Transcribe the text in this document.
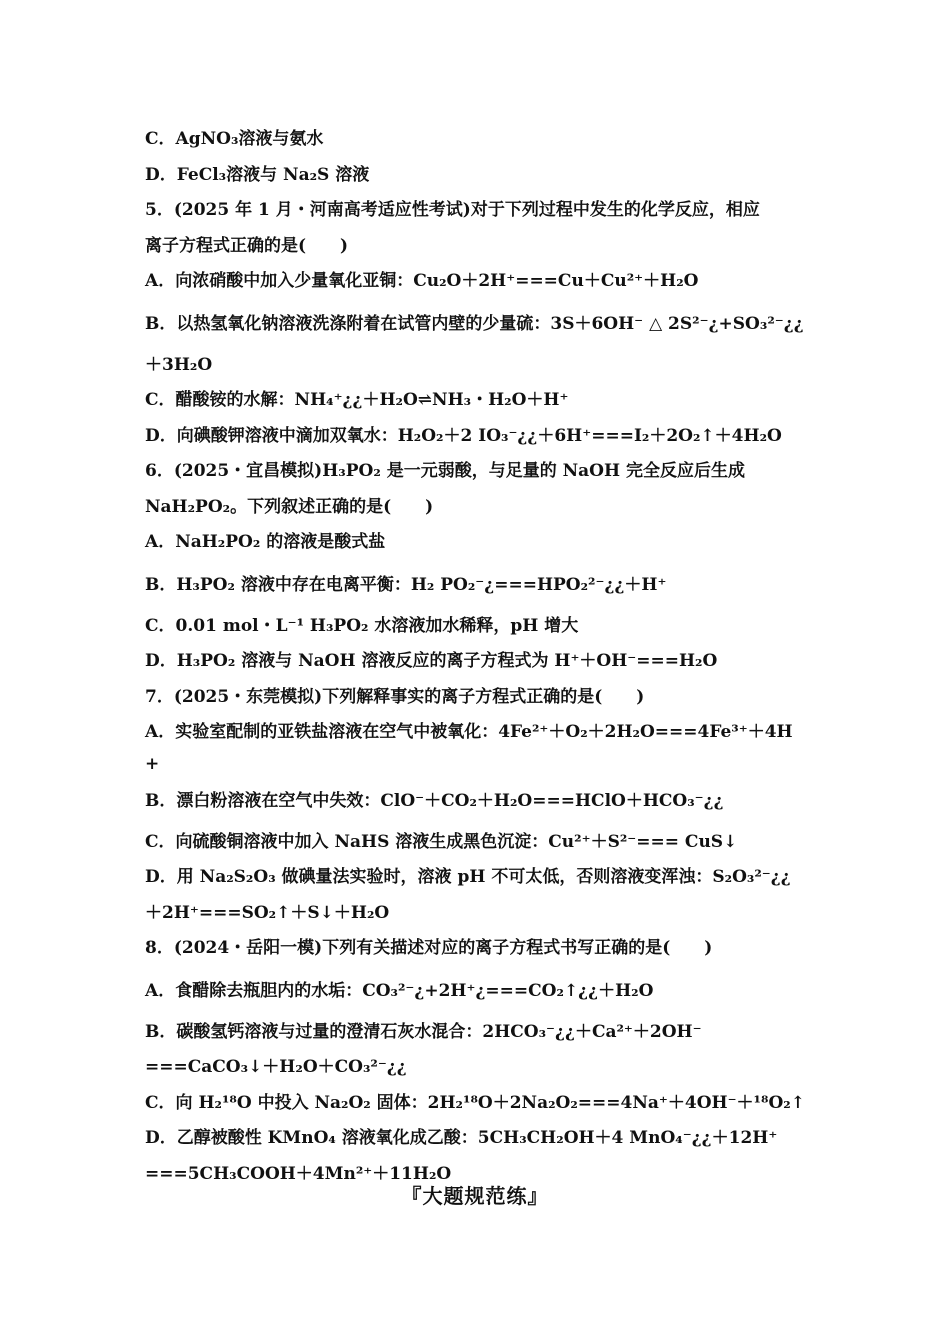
C．AgNO₃溶液与氨水
D．FeCl₃溶液与 Na₂S 溶液
5．(2025 年 1 月・河南高考适应性考试)对于下列过程中发生的化学反应，相应
离子方程式正确的是(　　)
A．向浓硝酸中加入少量氧化亚铜：Cu₂O＋2H⁺===Cu＋Cu²⁺＋H₂O
B．以热氢氧化钠溶液洗涤附着在试管内壁的少量硫：3S＋6OH⁻ △ 2S²⁻¿+SO₃²⁻¿¿
＋3H₂O
C．醋酸铵的水解：NH₄⁺¿¿＋H₂O⇌NH₃・H₂O＋H⁺
D．向碘酸钾溶液中滴加双氧水：H₂O₂＋2 IO₃⁻¿¿＋6H⁺===I₂＋2O₂↑＋4H₂O
6．(2025・宜昌模拟)H₃PO₂ 是一元弱酸，与足量的 NaOH 完全反应后生成
NaH₂PO₂。下列叙述正确的是(　　)
A．NaH₂PO₂ 的溶液是酸式盐
B．H₃PO₂ 溶液中存在电离平衡：H₂ PO₂⁻¿===HPO₂²⁻¿¿＋H⁺
C．0.01 mol・L⁻¹ H₃PO₂ 水溶液加水稀释，pH 增大
D．H₃PO₂ 溶液与 NaOH 溶液反应的离子方程式为 H⁺＋OH⁻===H₂O
7．(2025・东莞模拟)下列解释事实的离子方程式正确的是(　　)
A．实验室配制的亚铁盐溶液在空气中被氧化：4Fe²⁺＋O₂＋2H₂O===4Fe³⁺＋4H
+
B．漂白粉溶液在空气中失效：ClO⁻＋CO₂＋H₂O===HClO＋HCO₃⁻¿¿
C．向硫酸铜溶液中加入 NaHS 溶液生成黑色沉淀：Cu²⁺＋S²⁻=== CuS↓
D．用 Na₂S₂O₃ 做碘量法实验时，溶液 pH 不可太低，否则溶液变浑浊：S₂O₃²⁻¿¿
＋2H⁺===SO₂↑＋S↓＋H₂O
8．(2024・岳阳一模)下列有关描述对应的离子方程式书写正确的是(　　)
A．食醋除去瓶胆内的水垢：CO₃²⁻¿+2H⁺¿===CO₂↑¿¿＋H₂O
B．碳酸氢钙溶液与过量的澄清石灰水混合：2HCO₃⁻¿¿＋Ca²⁺＋2OH⁻
===CaCO₃↓＋H₂O＋CO₃²⁻¿¿
C．向 H₂¹⁸O 中投入 Na₂O₂ 固体：2H₂¹⁸O＋2Na₂O₂===4Na⁺＋4OH⁻＋¹⁸O₂↑
D．乙醇被酸性 KMnO₄ 溶液氧化成乙酸：5CH₃CH₂OH＋4 MnO₄⁻¿¿＋12H⁺
===5CH₃COOH＋4Mn²⁺＋11H₂O
『大题规范练』
